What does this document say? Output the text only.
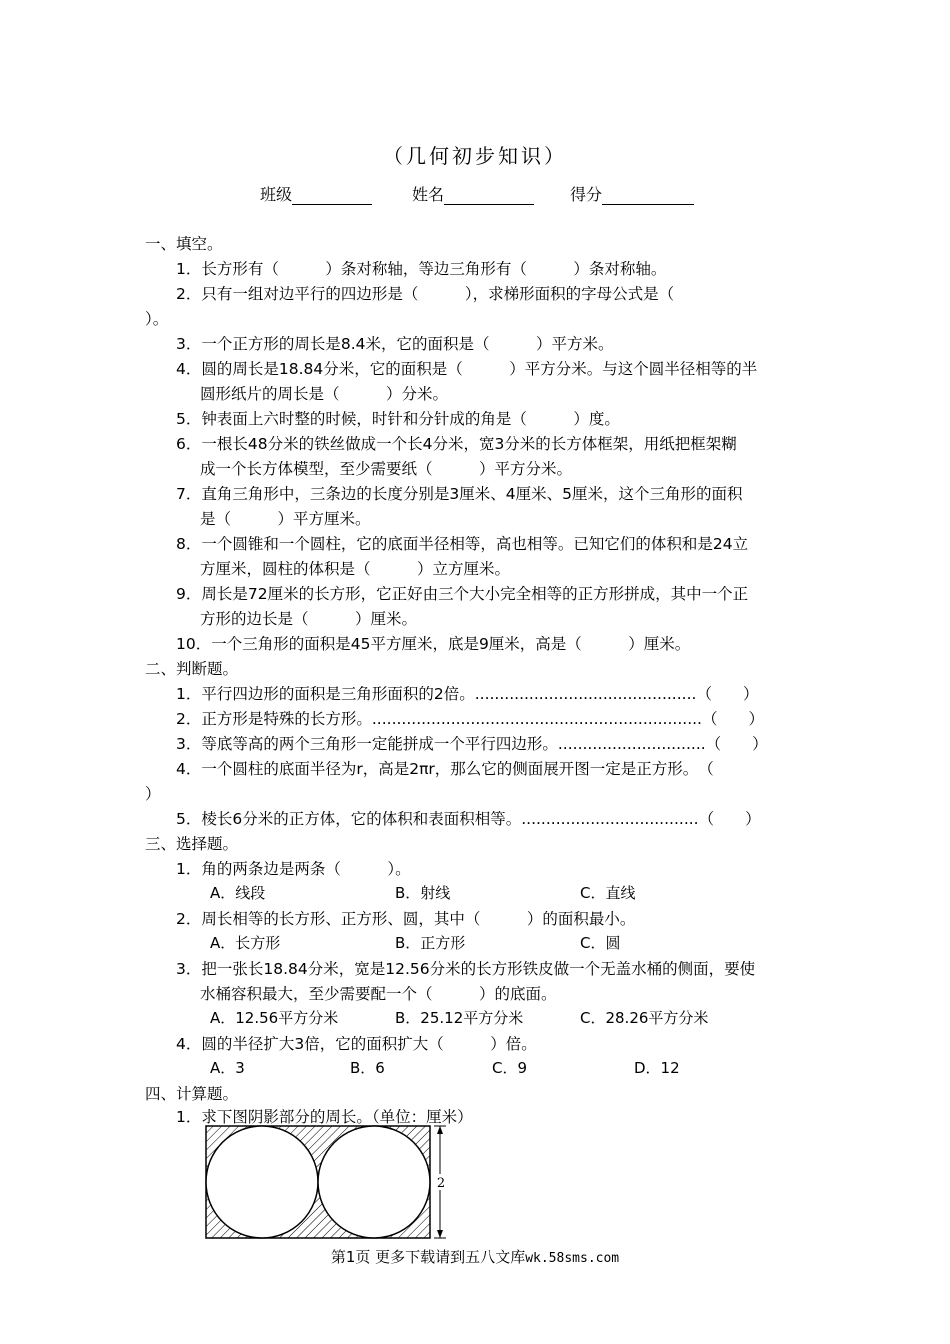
（几何初步知识）
班级	姓名	得分
一、填空。
1．长方形有（　　　）条对称轴，等边三角形有（　　　）条对称轴。
2．只有一组对边平行的四边形是（　　　），求梯形面积的字母公式是（
）。
3．一个正方形的周长是8.4米，它的面积是（　　　）平方米。
4．圆的周长是18.84分米，它的面积是（　　　）平方分米。与这个圆半径相等的半
圆形纸片的周长是（　　　）分米。
5．钟表面上六时整的时候，时针和分针成的角是（　　　）度。
6．一根长48分米的铁丝做成一个长4分米，宽3分米的长方体框架，用纸把框架糊
成一个长方体模型，至少需要纸（　　　）平方分米。
7．直角三角形中，三条边的长度分别是3厘米、4厘米、5厘米，这个三角形的面积
是（　　　）平方厘米。
8．一个圆锥和一个圆柱，它的底面半径相等，高也相等。已知它们的体积和是24立
方厘米，圆柱的体积是（　　　）立方厘米。
9．周长是72厘米的长方形，它正好由三个大小完全相等的正方形拼成，其中一个正
方形的边长是（　　　）厘米。
10．一个三角形的面积是45平方厘米，底是9厘米，高是（　　　）厘米。
二、判断题。
1．平行四边形的面积是三角形面积的2倍。.............................................（　　）
2．正方形是特殊的长方形。...................................................................（　　）
3．等底等高的两个三角形一定能拼成一个平行四边形。..............................（　　）
4．一个圆柱的底面半径为r，高是2πr，那么它的侧面展开图一定是正方形。　（
）
5．棱长6分米的正方体，它的体积和表面积相等。....................................（　　）
三、选择题。
1．角的两条边是两条（　　　）。
A．线段	B．射线	C．直线
2．周长相等的长方形、正方形、圆，其中（　　　）的面积最小。
A．长方形	B．正方形	C．圆
3．把一张长18.84分米，宽是12.56分米的长方形铁皮做一个无盖水桶的侧面，要使
水桶容积最大，至少需要配一个（　　　）的底面。
A．12.56平方分米	B．25.12平方分米	C．28.26平方分米
4．圆的半径扩大3倍，它的面积扩大（　　　）倍。
A．3	B．6	C．9	D．12
四、计算题。
1．求下图阴影部分的周长。（单位：厘米）
2
第1页 更多下载请到五八文库wk.58sms.com
